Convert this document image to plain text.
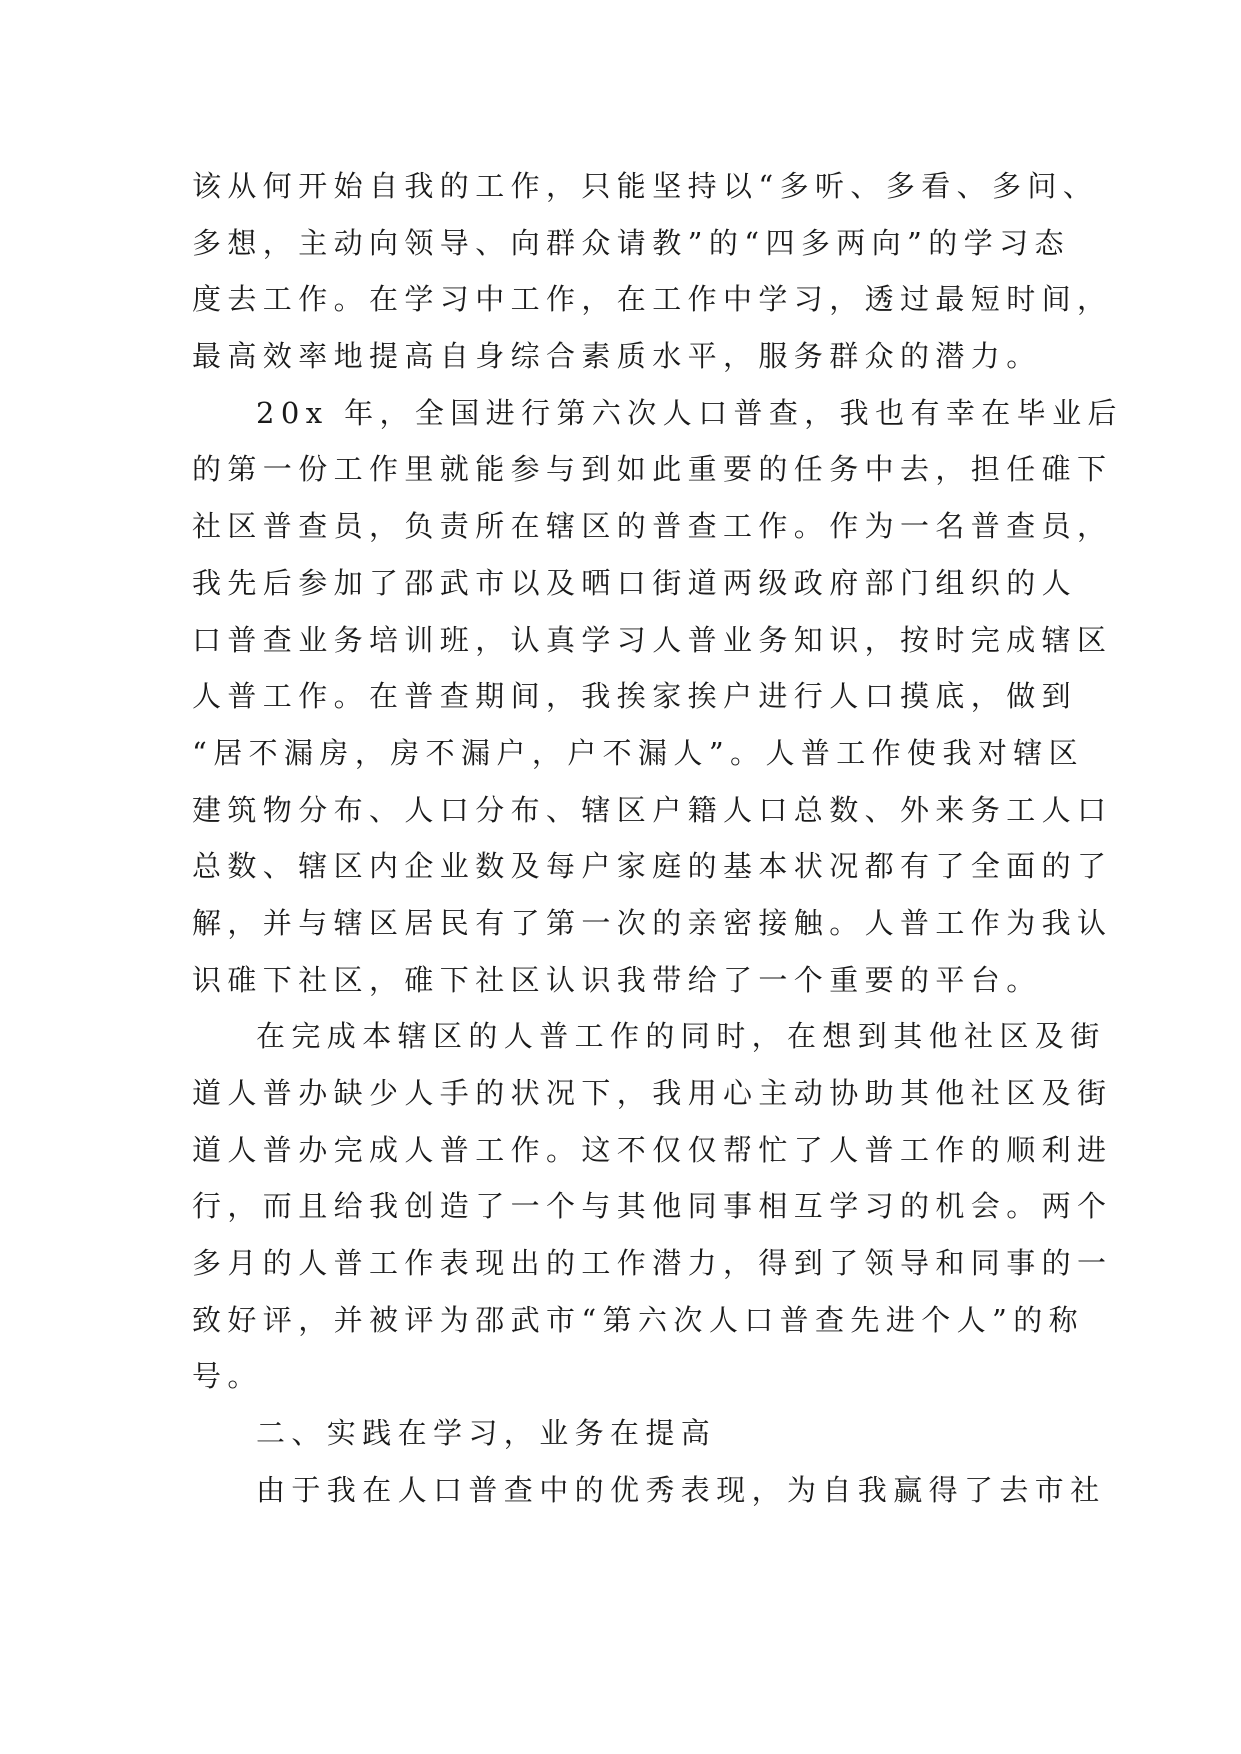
该从何开始自我的工作，只能坚持以“多听、多看、多问、
多想，主动向领导、向群众请教”的“四多两向”的学习态
度去工作。在学习中工作，在工作中学习，透过最短时间，
最高效率地提高自身综合素质水平，服务群众的潜力。
20x 年，全国进行第六次人口普查，我也有幸在毕业后
的第一份工作里就能参与到如此重要的任务中去，担任碓下
社区普查员，负责所在辖区的普查工作。作为一名普查员，
我先后参加了邵武市以及晒口街道两级政府部门组织的人
口普查业务培训班，认真学习人普业务知识，按时完成辖区
人普工作。在普查期间，我挨家挨户进行人口摸底，做到
“居不漏房，房不漏户，户不漏人”。人普工作使我对辖区
建筑物分布、人口分布、辖区户籍人口总数、外来务工人口
总数、辖区内企业数及每户家庭的基本状况都有了全面的了
解，并与辖区居民有了第一次的亲密接触。人普工作为我认
识碓下社区，碓下社区认识我带给了一个重要的平台。
在完成本辖区的人普工作的同时，在想到其他社区及街
道人普办缺少人手的状况下，我用心主动协助其他社区及街
道人普办完成人普工作。这不仅仅帮忙了人普工作的顺利进
行，而且给我创造了一个与其他同事相互学习的机会。两个
多月的人普工作表现出的工作潜力，得到了领导和同事的一
致好评，并被评为邵武市“第六次人口普查先进个人”的称
号。
二、实践在学习，业务在提高
由于我在人口普查中的优秀表现，为自我赢得了去市社
